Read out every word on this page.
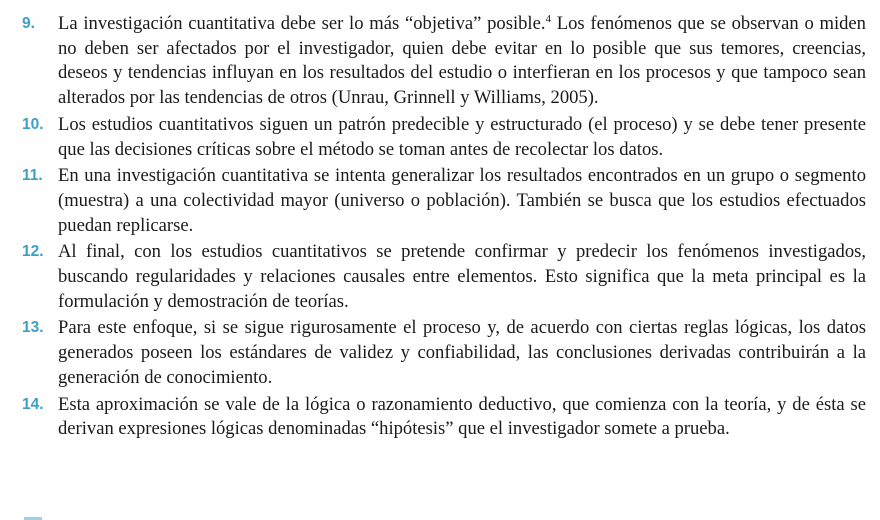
9. La investigación cuantitativa debe ser lo más “objetiva” posible.$^4$ Los fenómenos que se observan o miden no deben ser afectados por el investigador, quien debe evitar en lo posible que sus temores, creencias, deseos y tendencias influyan en los resultados del estudio o interfieran en los procesos y que tampoco sean alterados por las tendencias de otros (Unrau, Grinnell y Williams, 2005).
10. Los estudios cuantitativos siguen un patrón predecible y estructurado (el proceso) y se debe tener presente que las decisiones críticas sobre el método se toman antes de recolectar los datos.
11. En una investigación cuantitativa se intenta generalizar los resultados encontrados en un grupo o segmento (muestra) a una colectividad mayor (universo o población). También se busca que los estudios efectuados puedan replicarse.
12. Al final, con los estudios cuantitativos se pretende confirmar y predecir los fenómenos investigados, buscando regularidades y relaciones causales entre elementos. Esto significa que la meta principal es la formulación y demostración de teorías.
13. Para este enfoque, si se sigue rigurosamente el proceso y, de acuerdo con ciertas reglas lógicas, los datos generados poseen los estándares de validez y confiabilidad, las conclusiones derivadas contribuirán a la generación de conocimiento.
14. Esta aproximación se vale de la lógica o razonamiento deductivo, que comienza con la teoría, y de ésta se derivan expresiones lógicas denominadas “hipótesis” que el investigador somete a prueba.
